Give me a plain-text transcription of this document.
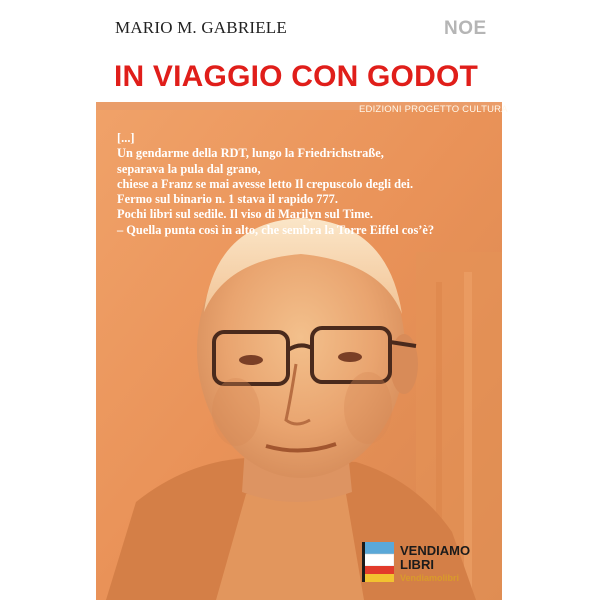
MARIO M. GABRIELE	NOE
IN VIAGGIO CON GODOT
EDIZIONI PROGETTO CULTURA
[...]
Un gendarme della RDT, lungo la Friedrichstraße,
separava la pula dal grano,
chiese a Franz se mai avesse letto Il crepuscolo degli dei.
Fermo sul binario n. 1 stava il rapido 777.
Pochi libri sul sedile. Il viso di Marilyn sul Time.
– Quella punta così in alto, che sembra la Torre Eiffel cos’è?
VENDIAMO
LIBRI
Vendiamolibri
